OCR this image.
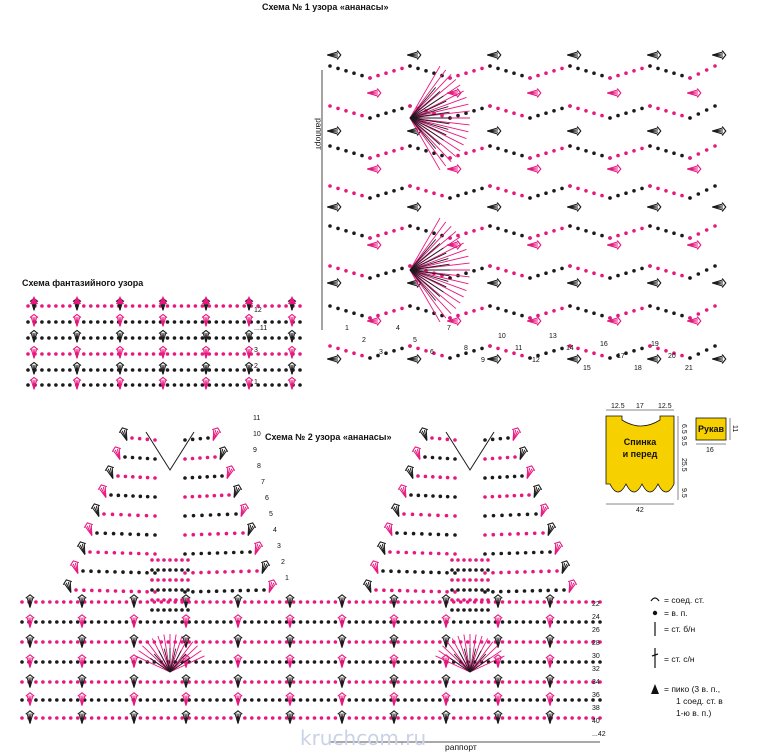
1
2
3
4
5
6
7
8
9
10
11
12
13
14
15
16
17
18
19
20
21
Схема № 1 узора «ананасы»
раппорт
Схема фантазийного узора
1
2
3
...11
12
Схема № 2 узора «ананасы»
1
2
3
4
5
6
7
8
9
10
11
...42
40
38
36
34
32
30
28
26
24
22
раппорт
Спинка
и перед
12.5 17 12.5
6.5
9.5
25.5
9.5
42
Рукав 11
16
= соед. ст.
= в. п.
= ст. б/н
= ст. с/н
= пико (3 в. п.,
1 соед. ст. в
1-ю в. п.)
kruchcom.ru
